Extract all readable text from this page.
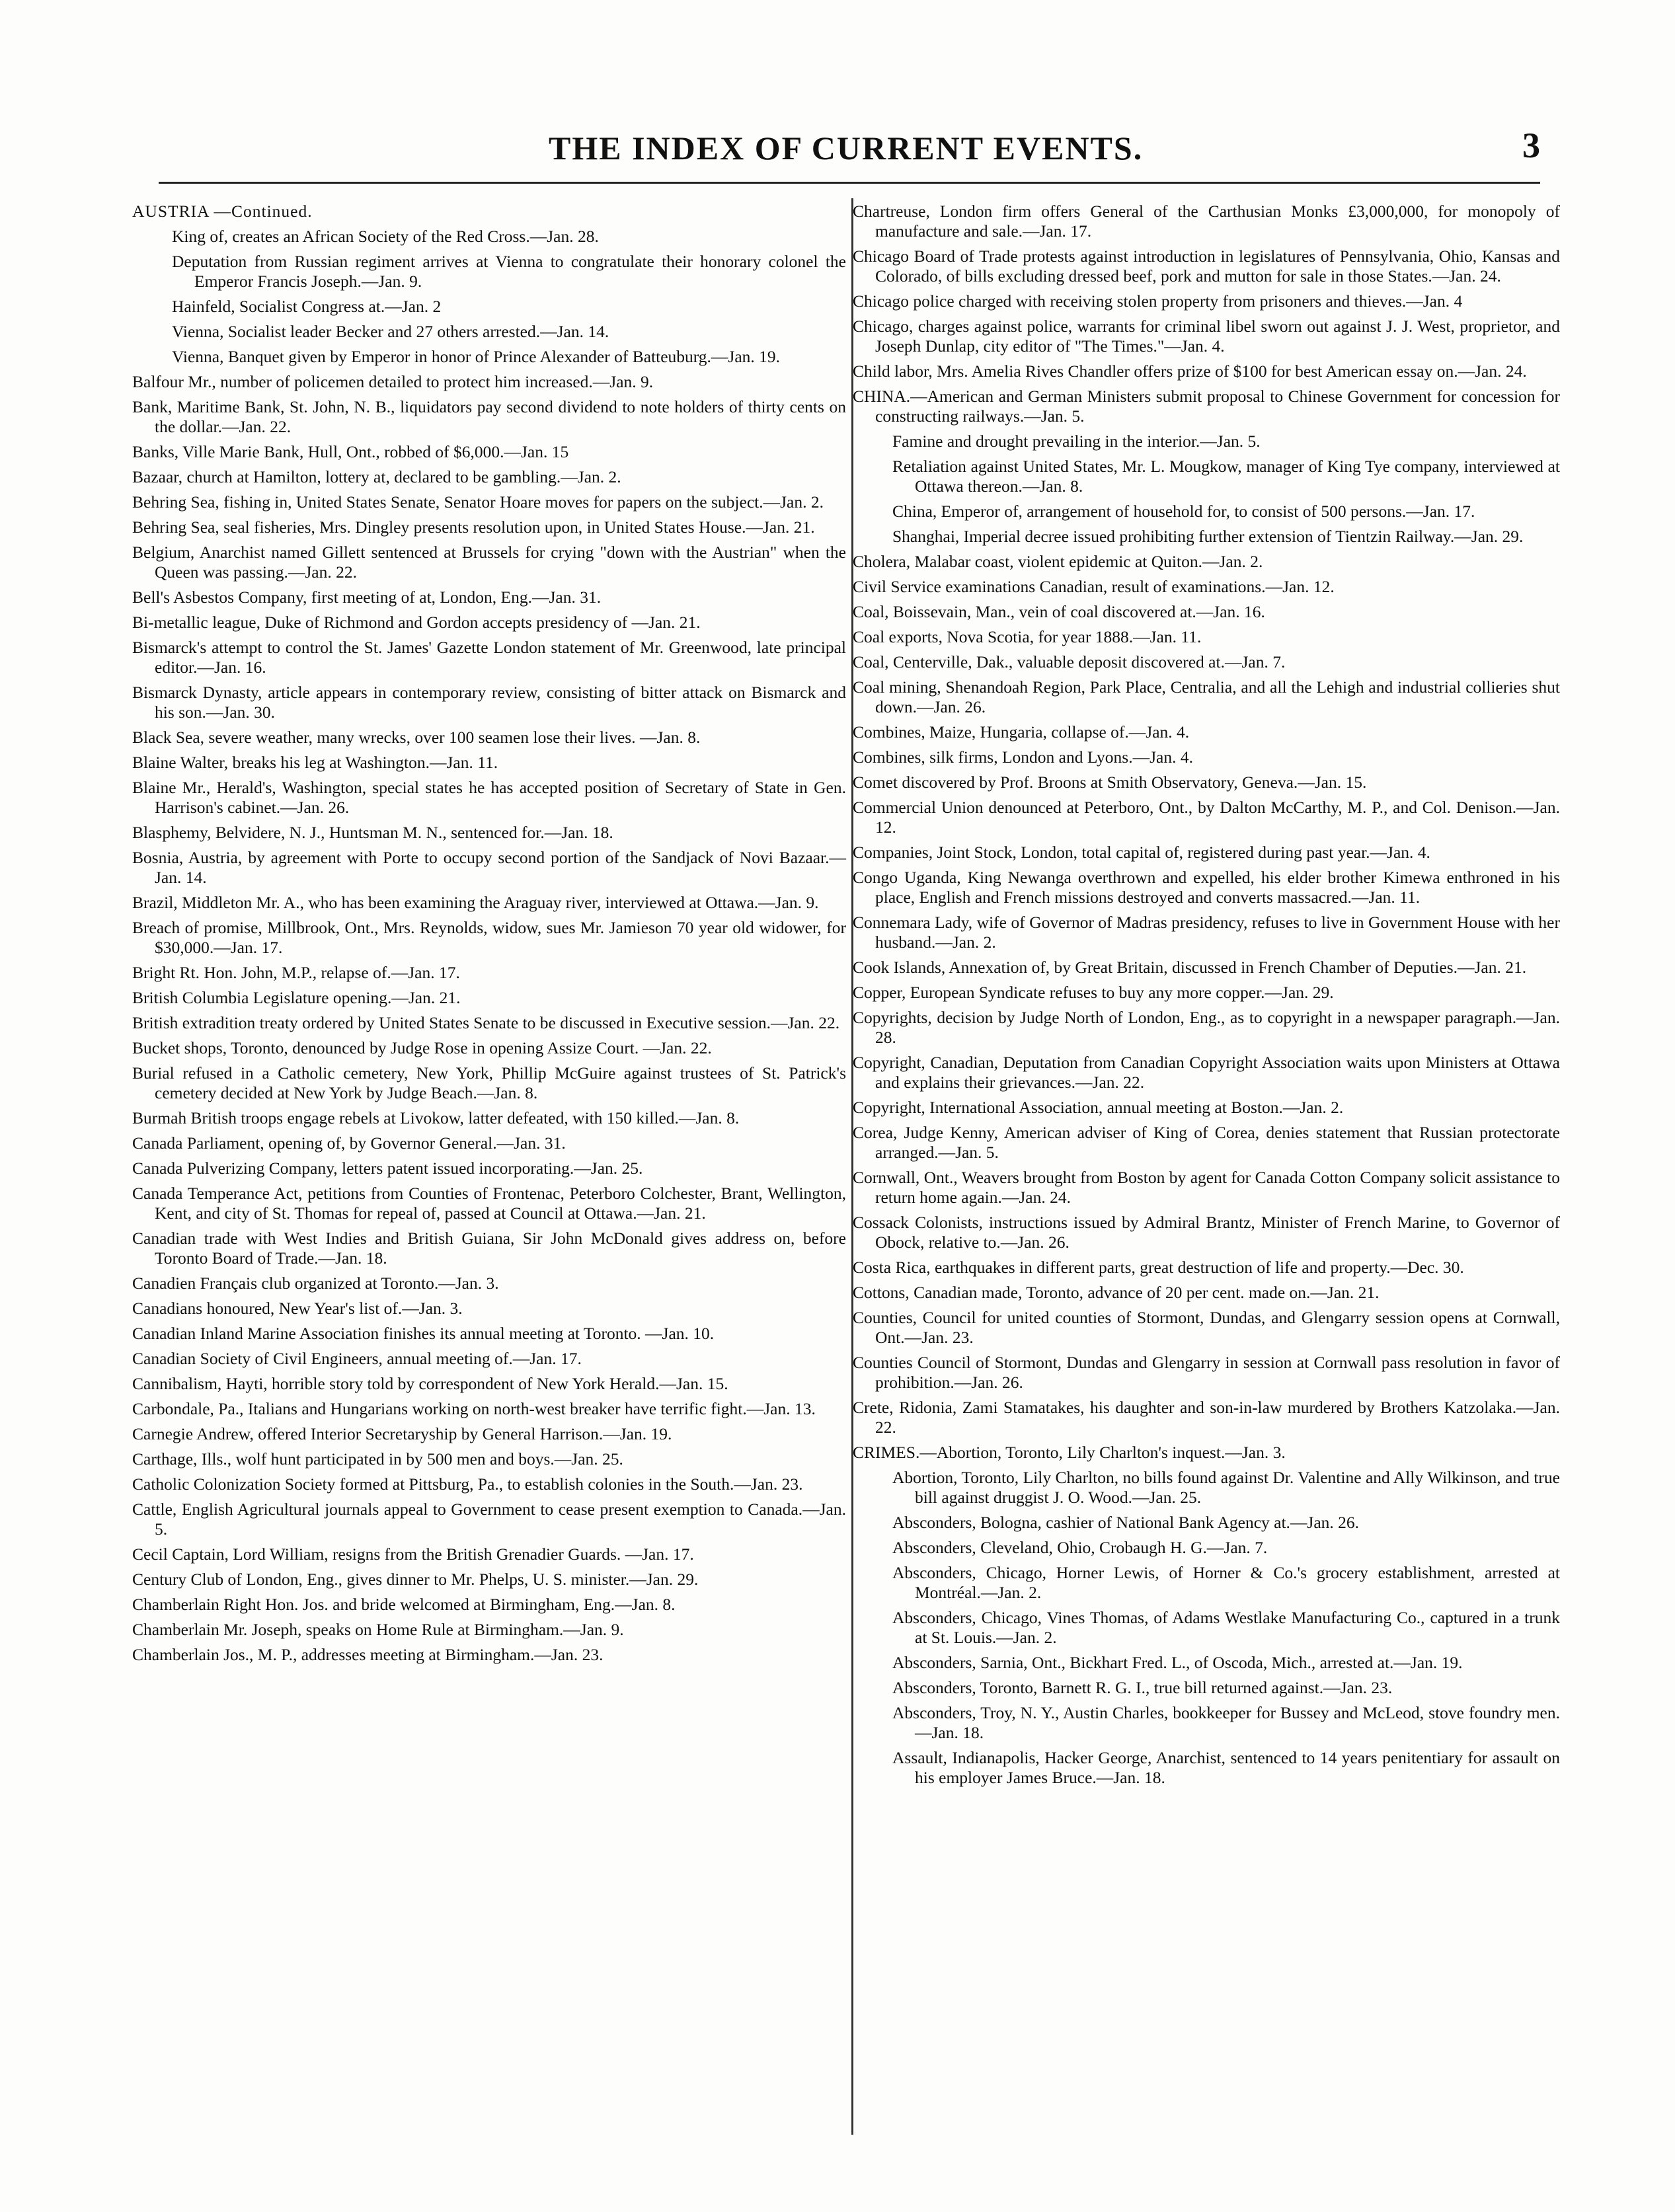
THE INDEX OF CURRENT EVENTS.	3
AUSTRIA —Continued.
King of, creates an African Society of the Red Cross.—Jan. 28.
Deputation from Russian regiment arrives at Vienna to congratulate their honorary colonel the Emperor Francis Joseph.—Jan. 9.
Hainfeld, Socialist Congress at.—Jan. 2
Vienna, Socialist leader Becker and 27 others arrested.—Jan. 14.
Vienna, Banquet given by Emperor in honor of Prince Alexander of Batteuburg.—Jan. 19.
Balfour Mr., number of policemen detailed to protect him increased.—Jan. 9.
Bank, Maritime Bank, St. John, N. B., liquidators pay second dividend to note holders of thirty cents on the dollar.—Jan. 22.
Banks, Ville Marie Bank, Hull, Ont., robbed of $6,000.—Jan. 15
Bazaar, church at Hamilton, lottery at, declared to be gambling.—Jan. 2.
Behring Sea, fishing in, United States Senate, Senator Hoare moves for papers on the subject.—Jan. 2.
Behring Sea, seal fisheries, Mrs. Dingley presents resolution upon, in United States House.—Jan. 21.
Belgium, Anarchist named Gillett sentenced at Brussels for crying "down with the Austrian" when the Queen was passing.—Jan. 22.
Bell's Asbestos Company, first meeting of at, London, Eng.—Jan. 31.
Bi-metallic league, Duke of Richmond and Gordon accepts presidency of —Jan. 21.
Bismarck's attempt to control the St. James' Gazette London statement of Mr. Greenwood, late principal editor.—Jan. 16.
Bismarck Dynasty, article appears in contemporary review, consisting of bitter attack on Bismarck and his son.—Jan. 30.
Black Sea, severe weather, many wrecks, over 100 seamen lose their lives. —Jan. 8.
Blaine Walter, breaks his leg at Washington.—Jan. 11.
Blaine Mr., Herald's, Washington, special states he has accepted position of Secretary of State in Gen. Harrison's cabinet.—Jan. 26.
Blasphemy, Belvidere, N. J., Huntsman M. N., sentenced for.—Jan. 18.
Bosnia, Austria, by agreement with Porte to occupy second portion of the Sandjack of Novi Bazaar.—Jan. 14.
Brazil, Middleton Mr. A., who has been examining the Araguay river, interviewed at Ottawa.—Jan. 9.
Breach of promise, Millbrook, Ont., Mrs. Reynolds, widow, sues Mr. Jamieson 70 year old widower, for $30,000.—Jan. 17.
Bright Rt. Hon. John, M.P., relapse of.—Jan. 17.
British Columbia Legislature opening.—Jan. 21.
British extradition treaty ordered by United States Senate to be discussed in Executive session.—Jan. 22.
Bucket shops, Toronto, denounced by Judge Rose in opening Assize Court. —Jan. 22.
Burial refused in a Catholic cemetery, New York, Phillip McGuire against trustees of St. Patrick's cemetery decided at New York by Judge Beach.—Jan. 8.
Burmah British troops engage rebels at Livokow, latter defeated, with 150 killed.—Jan. 8.
Canada Parliament, opening of, by Governor General.—Jan. 31.
Canada Pulverizing Company, letters patent issued incorporating.—Jan. 25.
Canada Temperance Act, petitions from Counties of Frontenac, Peterboro Colchester, Brant, Wellington, Kent, and city of St. Thomas for repeal of, passed at Council at Ottawa.—Jan. 21.
Canadian trade with West Indies and British Guiana, Sir John McDonald gives address on, before Toronto Board of Trade.—Jan. 18.
Canadien Français club organized at Toronto.—Jan. 3.
Canadians honoured, New Year's list of.—Jan. 3.
Canadian Inland Marine Association finishes its annual meeting at Toronto. —Jan. 10.
Canadian Society of Civil Engineers, annual meeting of.—Jan. 17.
Cannibalism, Hayti, horrible story told by correspondent of New York Herald.—Jan. 15.
Carbondale, Pa., Italians and Hungarians working on north-west breaker have terrific fight.—Jan. 13.
Carnegie Andrew, offered Interior Secretaryship by General Harrison.—Jan. 19.
Carthage, Ills., wolf hunt participated in by 500 men and boys.—Jan. 25.
Catholic Colonization Society formed at Pittsburg, Pa., to establish colonies in the South.—Jan. 23.
Cattle, English Agricultural journals appeal to Government to cease present exemption to Canada.—Jan. 5.
Cecil Captain, Lord William, resigns from the British Grenadier Guards. —Jan. 17.
Century Club of London, Eng., gives dinner to Mr. Phelps, U. S. minister.—Jan. 29.
Chamberlain Right Hon. Jos. and bride welcomed at Birmingham, Eng.—Jan. 8.
Chamberlain Mr. Joseph, speaks on Home Rule at Birmingham.—Jan. 9.
Chamberlain Jos., M. P., addresses meeting at Birmingham.—Jan. 23.
Chartreuse, London firm offers General of the Carthusian Monks £3,000,000, for monopoly of manufacture and sale.—Jan. 17.
Chicago Board of Trade protests against introduction in legislatures of Pennsylvania, Ohio, Kansas and Colorado, of bills excluding dressed beef, pork and mutton for sale in those States.—Jan. 24.
Chicago police charged with receiving stolen property from prisoners and thieves.—Jan. 4
Chicago, charges against police, warrants for criminal libel sworn out against J. J. West, proprietor, and Joseph Dunlap, city editor of "The Times."—Jan. 4.
Child labor, Mrs. Amelia Rives Chandler offers prize of $100 for best American essay on.—Jan. 24.
CHINA.—American and German Ministers submit proposal to Chinese Government for concession for constructing railways.—Jan. 5.
Famine and drought prevailing in the interior.—Jan. 5.
Retaliation against United States, Mr. L. Mougkow, manager of King Tye company, interviewed at Ottawa thereon.—Jan. 8.
China, Emperor of, arrangement of household for, to consist of 500 persons.—Jan. 17.
Shanghai, Imperial decree issued prohibiting further extension of Tientzin Railway.—Jan. 29.
Cholera, Malabar coast, violent epidemic at Quiton.—Jan. 2.
Civil Service examinations Canadian, result of examinations.—Jan. 12.
Coal, Boissevain, Man., vein of coal discovered at.—Jan. 16.
Coal exports, Nova Scotia, for year 1888.—Jan. 11.
Coal, Centerville, Dak., valuable deposit discovered at.—Jan. 7.
Coal mining, Shenandoah Region, Park Place, Centralia, and all the Lehigh and industrial collieries shut down.—Jan. 26.
Combines, Maize, Hungaria, collapse of.—Jan. 4.
Combines, silk firms, London and Lyons.—Jan. 4.
Comet discovered by Prof. Broons at Smith Observatory, Geneva.—Jan. 15.
Commercial Union denounced at Peterboro, Ont., by Dalton McCarthy, M. P., and Col. Denison.—Jan. 12.
Companies, Joint Stock, London, total capital of, registered during past year.—Jan. 4.
Congo Uganda, King Newanga overthrown and expelled, his elder brother Kimewa enthroned in his place, English and French missions destroyed and converts massacred.—Jan. 11.
Connemara Lady, wife of Governor of Madras presidency, refuses to live in Government House with her husband.—Jan. 2.
Cook Islands, Annexation of, by Great Britain, discussed in French Chamber of Deputies.—Jan. 21.
Copper, European Syndicate refuses to buy any more copper.—Jan. 29.
Copyrights, decision by Judge North of London, Eng., as to copyright in a newspaper paragraph.—Jan. 28.
Copyright, Canadian, Deputation from Canadian Copyright Association waits upon Ministers at Ottawa and explains their grievances.—Jan. 22.
Copyright, International Association, annual meeting at Boston.—Jan. 2.
Corea, Judge Kenny, American adviser of King of Corea, denies statement that Russian protectorate arranged.—Jan. 5.
Cornwall, Ont., Weavers brought from Boston by agent for Canada Cotton Company solicit assistance to return home again.—Jan. 24.
Cossack Colonists, instructions issued by Admiral Brantz, Minister of French Marine, to Governor of Obock, relative to.—Jan. 26.
Costa Rica, earthquakes in different parts, great destruction of life and property.—Dec. 30.
Cottons, Canadian made, Toronto, advance of 20 per cent. made on.—Jan. 21.
Counties, Council for united counties of Stormont, Dundas, and Glengarry session opens at Cornwall, Ont.—Jan. 23.
Counties Council of Stormont, Dundas and Glengarry in session at Cornwall pass resolution in favor of prohibition.—Jan. 26.
Crete, Ridonia, Zami Stamatakes, his daughter and son-in-law murdered by Brothers Katzolaka.—Jan. 22.
CRIMES.—Abortion, Toronto, Lily Charlton's inquest.—Jan. 3.
Abortion, Toronto, Lily Charlton, no bills found against Dr. Valentine and Ally Wilkinson, and true bill against druggist J. O. Wood.—Jan. 25.
Absconders, Bologna, cashier of National Bank Agency at.—Jan. 26.
Absconders, Cleveland, Ohio, Crobaugh H. G.—Jan. 7.
Absconders, Chicago, Horner Lewis, of Horner & Co.'s grocery establishment, arrested at Montréal.—Jan. 2.
Absconders, Chicago, Vines Thomas, of Adams Westlake Manufacturing Co., captured in a trunk at St. Louis.—Jan. 2.
Absconders, Sarnia, Ont., Bickhart Fred. L., of Oscoda, Mich., arrested at.—Jan. 19.
Absconders, Toronto, Barnett R. G. I., true bill returned against.—Jan. 23.
Absconders, Troy, N. Y., Austin Charles, bookkeeper for Bussey and McLeod, stove foundry men.—Jan. 18.
Assault, Indianapolis, Hacker George, Anarchist, sentenced to 14 years penitentiary for assault on his employer James Bruce.—Jan. 18.
